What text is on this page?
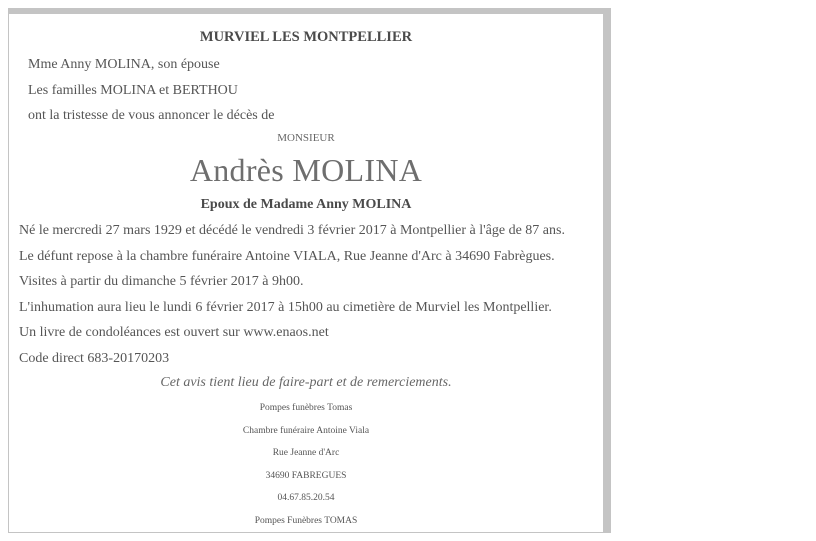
MURVIEL LES MONTPELLIER
Mme Anny MOLINA, son épouse
Les familles MOLINA et BERTHOU
ont la tristesse de vous annoncer le décès de
MONSIEUR
Andrès MOLINA
Epoux de Madame Anny MOLINA
Né le mercredi 27 mars 1929 et décédé le vendredi 3 février 2017 à Montpellier à l'âge de 87 ans.
Le défunt repose à la chambre funéraire Antoine VIALA, Rue Jeanne d'Arc à 34690 Fabrègues.
Visites à partir du dimanche 5 février 2017 à 9h00.
L'inhumation aura lieu le lundi 6 février 2017 à 15h00 au cimetière de Murviel les Montpellier.
Un livre de condoléances est ouvert sur www.enaos.net
Code direct 683-20170203
Cet avis tient lieu de faire-part et de remerciements.
Pompes funèbres Tomas
Chambre funéraire Antoine Viala
Rue Jeanne d'Arc
34690 FABREGUES
04.67.85.20.54
Pompes Funèbres TOMAS
